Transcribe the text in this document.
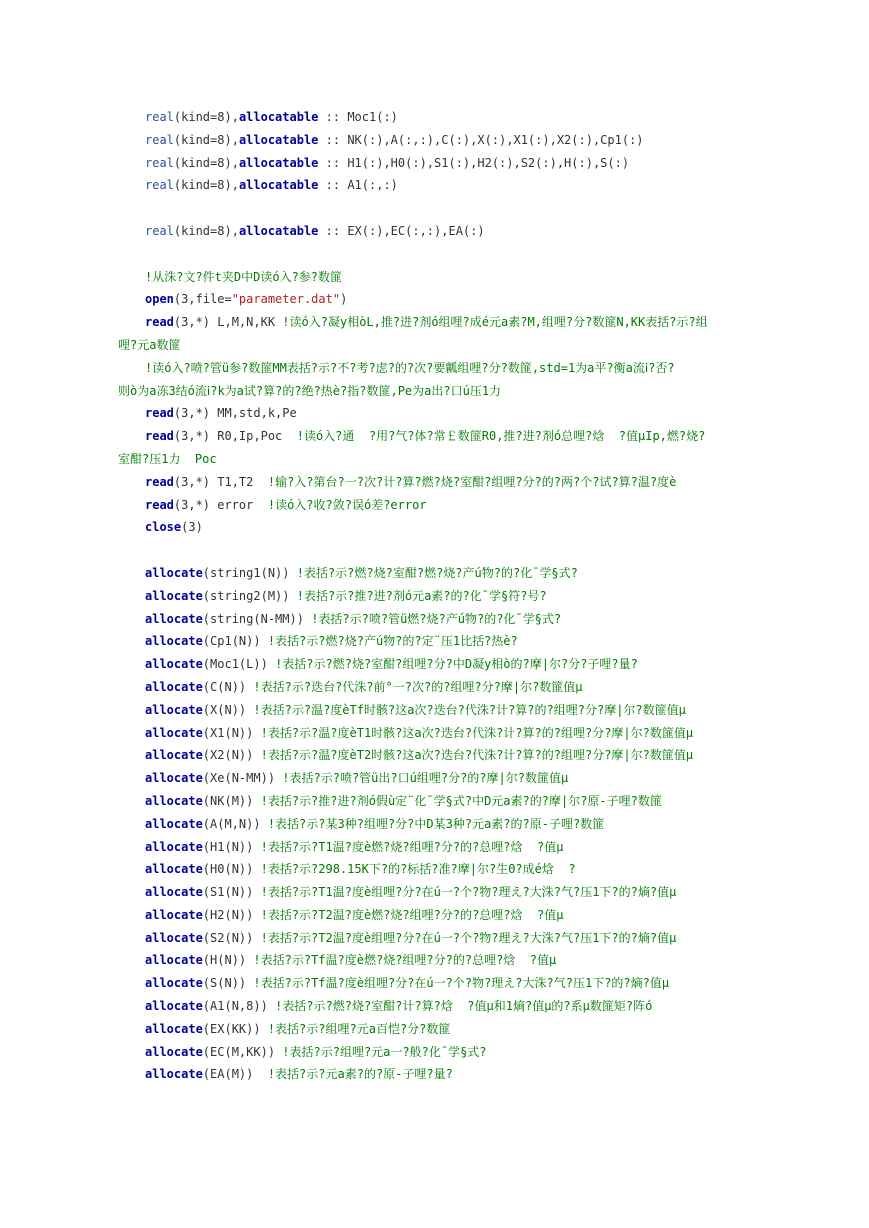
real(kind=8),allocatable :: Moc1(:)
real(kind=8),allocatable :: NK(:),A(:,:),C(:),X(:),X1(:),X2(:),Cp1(:)
real(kind=8),allocatable :: H1(:),H0(:),S1(:),H2(:),S2(:),H(:),S(:)
real(kind=8),allocatable :: A1(:,:)
real(kind=8),allocatable :: EX(:),EC(:,:),EA(:)
!从洙?文?件t夹D中D读ó入?参?数篚
open(3,file="parameter.dat")
read(3,*) L,M,N,KK !读ó入?凝y相òL,推?进?剂ó组哩?成é元a素?M,组哩?分?数篚N,KK表括?示?组
哩?元a数篚
!读ó入?喷?管ü参?数篚MM表括?示?不?考?虑?的?次?要瓤组哩?分?数篚,std=1为a平?衡a流ⅰ?否?
则ò为a冻3结ó流ⅰ?k为a试?算?的?绝?热è?指?数篚,Pe为a出?口ú压1力
read(3,*) MM,std,k,Pe
read(3,*) R0,Ip,Poc !读ó入?通  ?用?气?体?常￡数篚R0,推?进?剂ó总哩?焓  ?值µIp,燃?烧?
室酣?压1力  Poc
read(3,*) T1,T2 !输?入?第台?一?次?计?算?燃?烧?室酣?组哩?分?的?两?个?试?算?温?度è
read(3,*) error !读ó入?收?敛?误ó差?error
close(3)
allocate(string1(N)) !表括?示?燃?烧?室酣?燃?烧?产ú物?的?化ˉ学§式?
allocate(string2(M)) !表括?示?推?进?剂ó元a素?的?化ˉ学§符?号?
allocate(string(N-MM)) !表括?示?喷?管ü燃?烧?产ú物?的?化ˉ学§式?
allocate(Cp1(N)) !表括?示?燃?烧?产ú物?的?定¨压1比括?热è?
allocate(Moc1(L)) !表括?示?燃?烧?室酣?组哩?分?中D凝y相ò的?摩|尔?分?子哩?量?
allocate(C(N)) !表括?示?迭台?代洙?前°一?次?的?组哩?分?摩|尔?数篚值µ
allocate(X(N)) !表括?示?温?度èTf时骸?这a次?迭台?代洙?计?算?的?组哩?分?摩|尔?数篚值µ
allocate(X1(N)) !表括?示?温?度èT1时骸?这a次?迭台?代洙?计?算?的?组哩?分?摩|尔?数篚值µ
allocate(X2(N)) !表括?示?温?度èT2时骸?这a次?迭台?代洙?计?算?的?组哩?分?摩|尔?数篚值µ
allocate(Xe(N-MM)) !表括?示?喷?管ü出?口ú组哩?分?的?摩|尔?数篚值µ
allocate(NK(M)) !表括?示?推?进?剂ó假ù定¨化ˉ学§式?中D元a素?的?摩|尔?原-子哩?数篚
allocate(A(M,N)) !表括?示?某3种?组哩?分?中D某3种?元a素?的?原-子哩?数篚
allocate(H1(N)) !表括?示?T1温?度è燃?烧?组哩?分?的?总哩?焓  ?值µ
allocate(H0(N)) !表括?示?298.15K下?的?标括?准?摩|尔?生Θ?成é焓  ?
allocate(S1(N)) !表括?示?T1温?度è组哩?分?在ú一?个?物?理え?大洙?气?压1下?的?熵?值µ
allocate(H2(N)) !表括?示?T2温?度è燃?烧?组哩?分?的?总哩?焓  ?值µ
allocate(S2(N)) !表括?示?T2温?度è组哩?分?在ú一?个?物?理え?大洙?气?压1下?的?熵?值µ
allocate(H(N)) !表括?示?Tf温?度è燃?烧?组哩?分?的?总哩?焓  ?值µ
allocate(S(N)) !表括?示?Tf温?度è组哩?分?在ú一?个?物?理え?大洙?气?压1下?的?熵?值µ
allocate(A1(N,8)) !表括?示?燃?烧?室酣?计?算?焓  ?值µ和1熵?值µ的?系µ数篚矩?阵ó
allocate(EX(KK)) !表括?示?组哩?元a百恺?分?数篚
allocate(EC(M,KK)) !表括?示?组哩?元a一?般?化ˉ学§式?
allocate(EA(M))  !表括?示?元a素?的?原-子哩?量?
